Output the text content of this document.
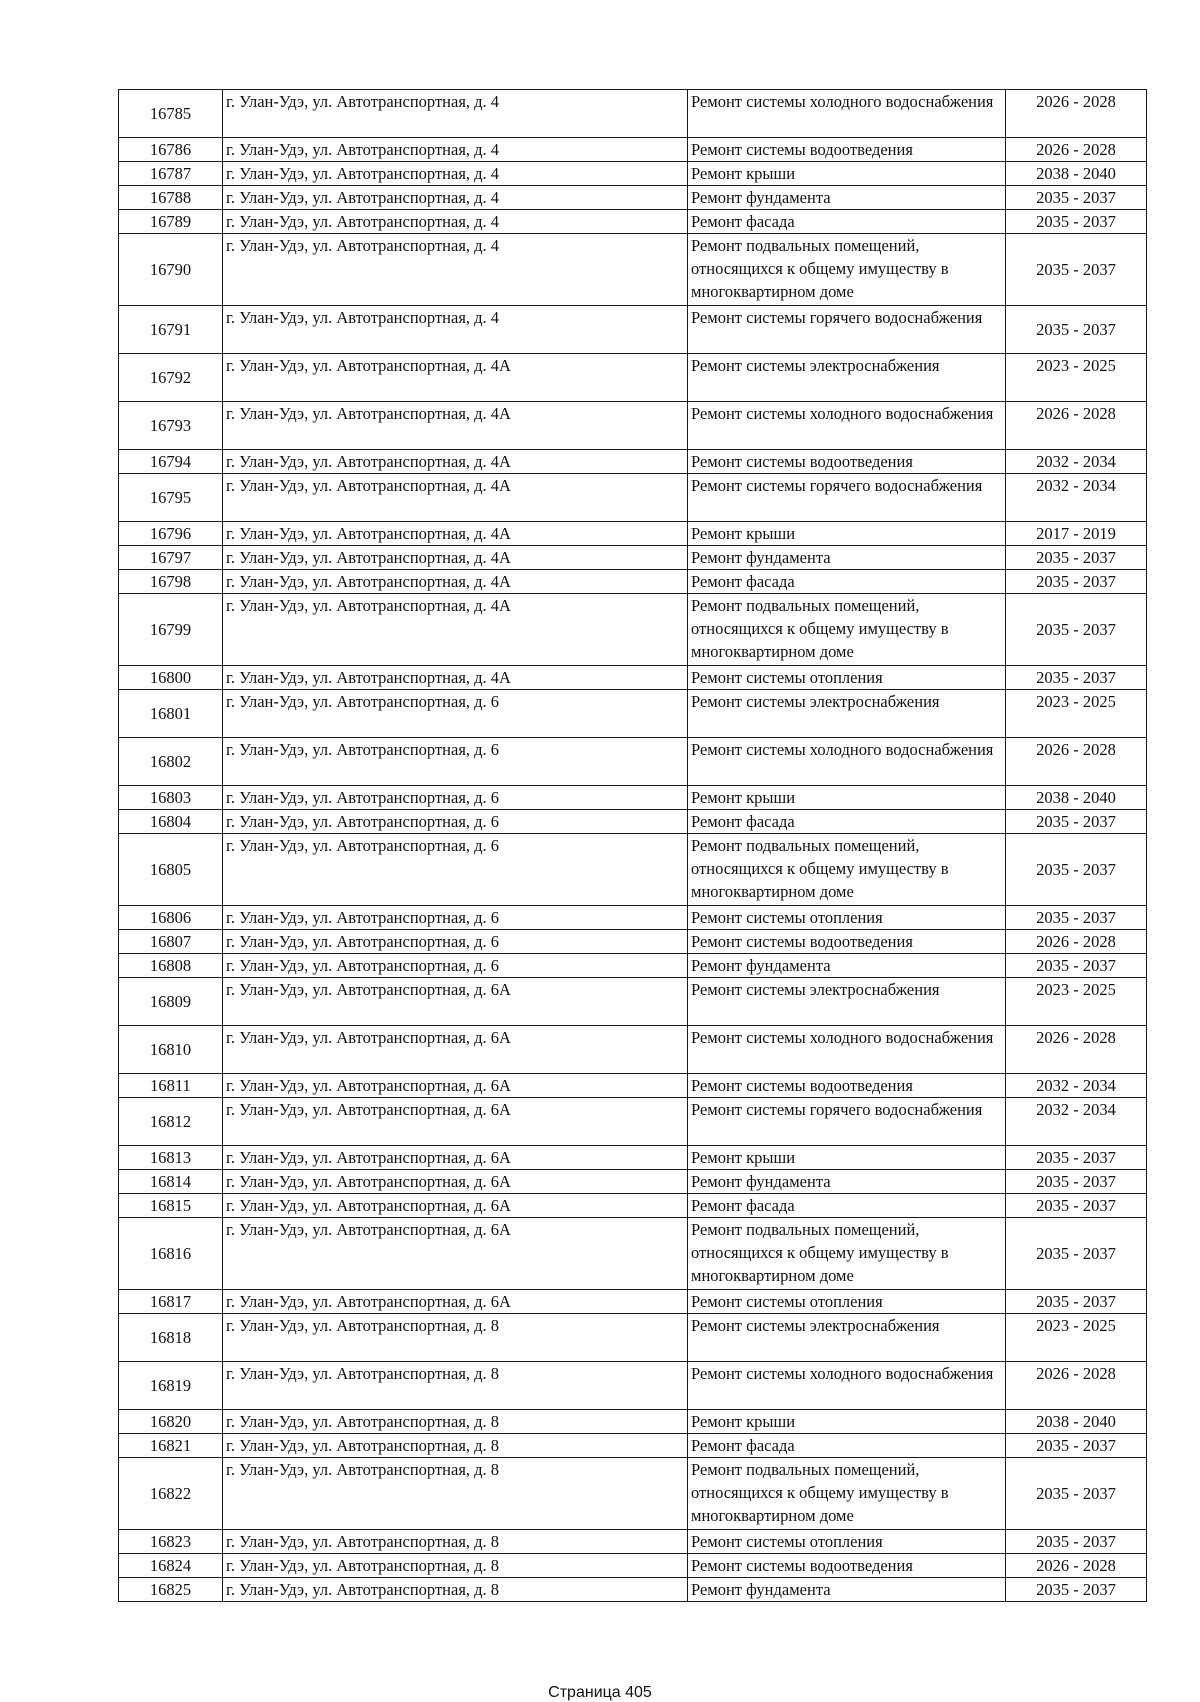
16785	г. Улан-Удэ, ул. Автотранспортная, д. 4	Ремонт системы холодного водоснабжения	2026 - 2028
16786	г. Улан-Удэ, ул. Автотранспортная, д. 4	Ремонт системы водоотведения	2026 - 2028
16787	г. Улан-Удэ, ул. Автотранспортная, д. 4	Ремонт крыши	2038 - 2040
16788	г. Улан-Удэ, ул. Автотранспортная, д. 4	Ремонт фундамента	2035 - 2037
16789	г. Улан-Удэ, ул. Автотранспортная, д. 4	Ремонт фасада	2035 - 2037
16790	г. Улан-Удэ, ул. Автотранспортная, д. 4	Ремонт подвальных помещений, относящихся к общему имуществу в многоквартирном доме	2035 - 2037
16791	г. Улан-Удэ, ул. Автотранспортная, д. 4	Ремонт системы горячего водоснабжения	2035 - 2037
16792	г. Улан-Удэ, ул. Автотранспортная, д. 4А	Ремонт системы электроснабжения	2023 - 2025
16793	г. Улан-Удэ, ул. Автотранспортная, д. 4А	Ремонт системы холодного водоснабжения	2026 - 2028
16794	г. Улан-Удэ, ул. Автотранспортная, д. 4А	Ремонт системы водоотведения	2032 - 2034
16795	г. Улан-Удэ, ул. Автотранспортная, д. 4А	Ремонт системы горячего водоснабжения	2032 - 2034
16796	г. Улан-Удэ, ул. Автотранспортная, д. 4А	Ремонт крыши	2017 - 2019
16797	г. Улан-Удэ, ул. Автотранспортная, д. 4А	Ремонт фундамента	2035 - 2037
16798	г. Улан-Удэ, ул. Автотранспортная, д. 4А	Ремонт фасада	2035 - 2037
16799	г. Улан-Удэ, ул. Автотранспортная, д. 4А	Ремонт подвальных помещений, относящихся к общему имуществу в многоквартирном доме	2035 - 2037
16800	г. Улан-Удэ, ул. Автотранспортная, д. 4А	Ремонт системы отопления	2035 - 2037
16801	г. Улан-Удэ, ул. Автотранспортная, д. 6	Ремонт системы электроснабжения	2023 - 2025
16802	г. Улан-Удэ, ул. Автотранспортная, д. 6	Ремонт системы холодного водоснабжения	2026 - 2028
16803	г. Улан-Удэ, ул. Автотранспортная, д. 6	Ремонт крыши	2038 - 2040
16804	г. Улан-Удэ, ул. Автотранспортная, д. 6	Ремонт фасада	2035 - 2037
16805	г. Улан-Удэ, ул. Автотранспортная, д. 6	Ремонт подвальных помещений, относящихся к общему имуществу в многоквартирном доме	2035 - 2037
16806	г. Улан-Удэ, ул. Автотранспортная, д. 6	Ремонт системы отопления	2035 - 2037
16807	г. Улан-Удэ, ул. Автотранспортная, д. 6	Ремонт системы водоотведения	2026 - 2028
16808	г. Улан-Удэ, ул. Автотранспортная, д. 6	Ремонт фундамента	2035 - 2037
16809	г. Улан-Удэ, ул. Автотранспортная, д. 6А	Ремонт системы электроснабжения	2023 - 2025
16810	г. Улан-Удэ, ул. Автотранспортная, д. 6А	Ремонт системы холодного водоснабжения	2026 - 2028
16811	г. Улан-Удэ, ул. Автотранспортная, д. 6А	Ремонт системы водоотведения	2032 - 2034
16812	г. Улан-Удэ, ул. Автотранспортная, д. 6А	Ремонт системы горячего водоснабжения	2032 - 2034
16813	г. Улан-Удэ, ул. Автотранспортная, д. 6А	Ремонт крыши	2035 - 2037
16814	г. Улан-Удэ, ул. Автотранспортная, д. 6А	Ремонт фундамента	2035 - 2037
16815	г. Улан-Удэ, ул. Автотранспортная, д. 6А	Ремонт фасада	2035 - 2037
16816	г. Улан-Удэ, ул. Автотранспортная, д. 6А	Ремонт подвальных помещений, относящихся к общему имуществу в многоквартирном доме	2035 - 2037
16817	г. Улан-Удэ, ул. Автотранспортная, д. 6А	Ремонт системы отопления	2035 - 2037
16818	г. Улан-Удэ, ул. Автотранспортная, д. 8	Ремонт системы электроснабжения	2023 - 2025
16819	г. Улан-Удэ, ул. Автотранспортная, д. 8	Ремонт системы холодного водоснабжения	2026 - 2028
16820	г. Улан-Удэ, ул. Автотранспортная, д. 8	Ремонт крыши	2038 - 2040
16821	г. Улан-Удэ, ул. Автотранспортная, д. 8	Ремонт фасада	2035 - 2037
16822	г. Улан-Удэ, ул. Автотранспортная, д. 8	Ремонт подвальных помещений, относящихся к общему имуществу в многоквартирном доме	2035 - 2037
16823	г. Улан-Удэ, ул. Автотранспортная, д. 8	Ремонт системы отопления	2035 - 2037
16824	г. Улан-Удэ, ул. Автотранспортная, д. 8	Ремонт системы водоотведения	2026 - 2028
16825	г. Улан-Удэ, ул. Автотранспортная, д. 8	Ремонт фундамента	2035 - 2037
Страница 405
